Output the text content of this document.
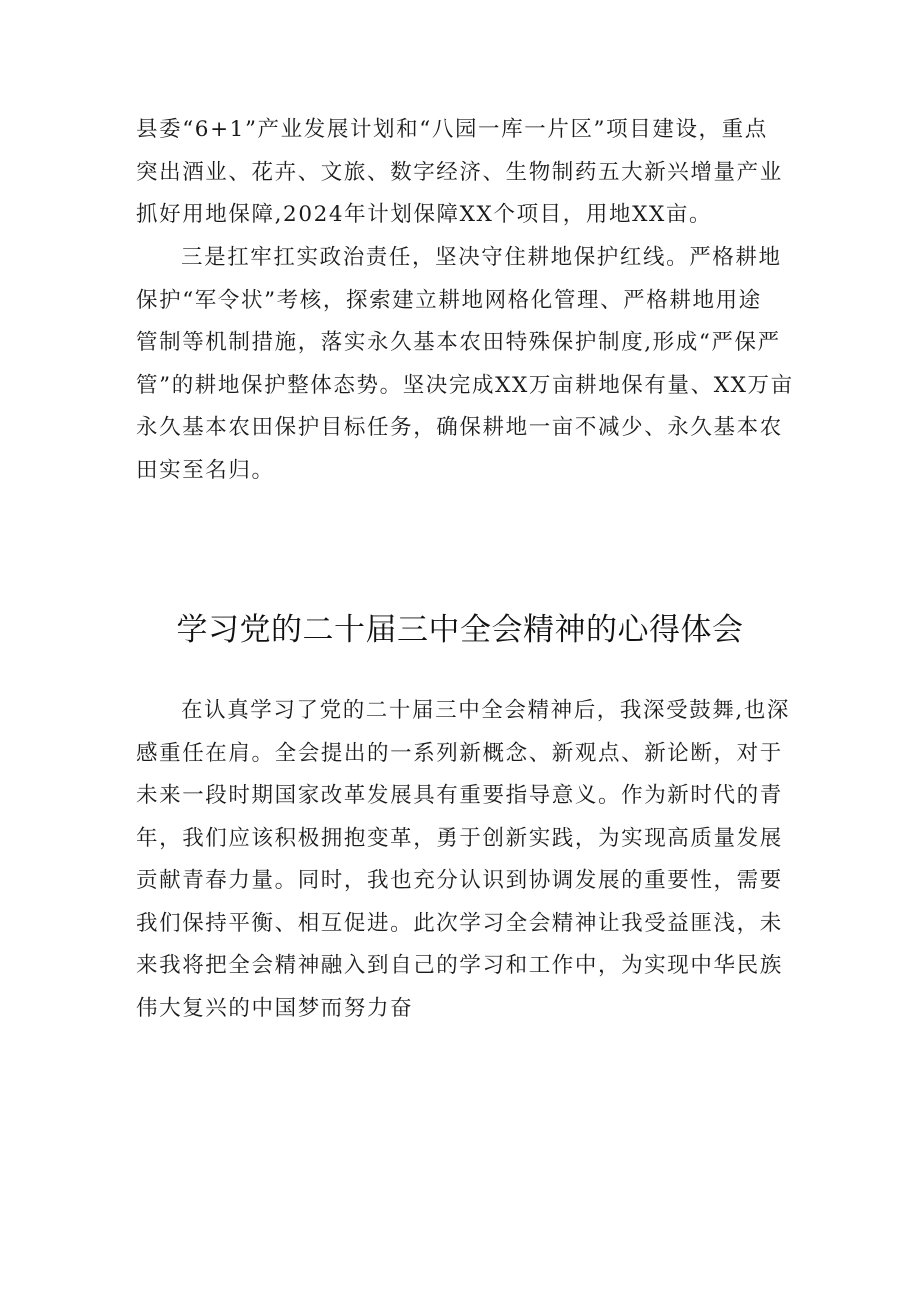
县委“6+1”产业发展计划和“八园一库一片区”项目建设，重点
突出酒业、花卉、文旅、数字经济、生物制药五大新兴增量产业
抓好用地保障,2024年计划保障XX个项目，用地XX亩。

三是扛牢扛实政治责任，坚决守住耕地保护红线。严格耕地
保护“军令状”考核，探索建立耕地网格化管理、严格耕地用途
管制等机制措施，落实永久基本农田特殊保护制度,形成“严保严
管”的耕地保护整体态势。坚决完成XX万亩耕地保有量、XX万亩
永久基本农田保护目标任务，确保耕地一亩不减少、永久基本农
田实至名归。

学习党的二十届三中全会精神的心得体会

在认真学习了党的二十届三中全会精神后，我深受鼓舞,也深
感重任在肩。全会提出的一系列新概念、新观点、新论断，对于
未来一段时期国家改革发展具有重要指导意义。作为新时代的青
年，我们应该积极拥抱变革，勇于创新实践，为实现高质量发展
贡献青春力量。同时，我也充分认识到协调发展的重要性，需要
我们保持平衡、相互促进。此次学习全会精神让我受益匪浅，未
来我将把全会精神融入到自己的学习和工作中，为实现中华民族
伟大复兴的中国梦而努力奋
